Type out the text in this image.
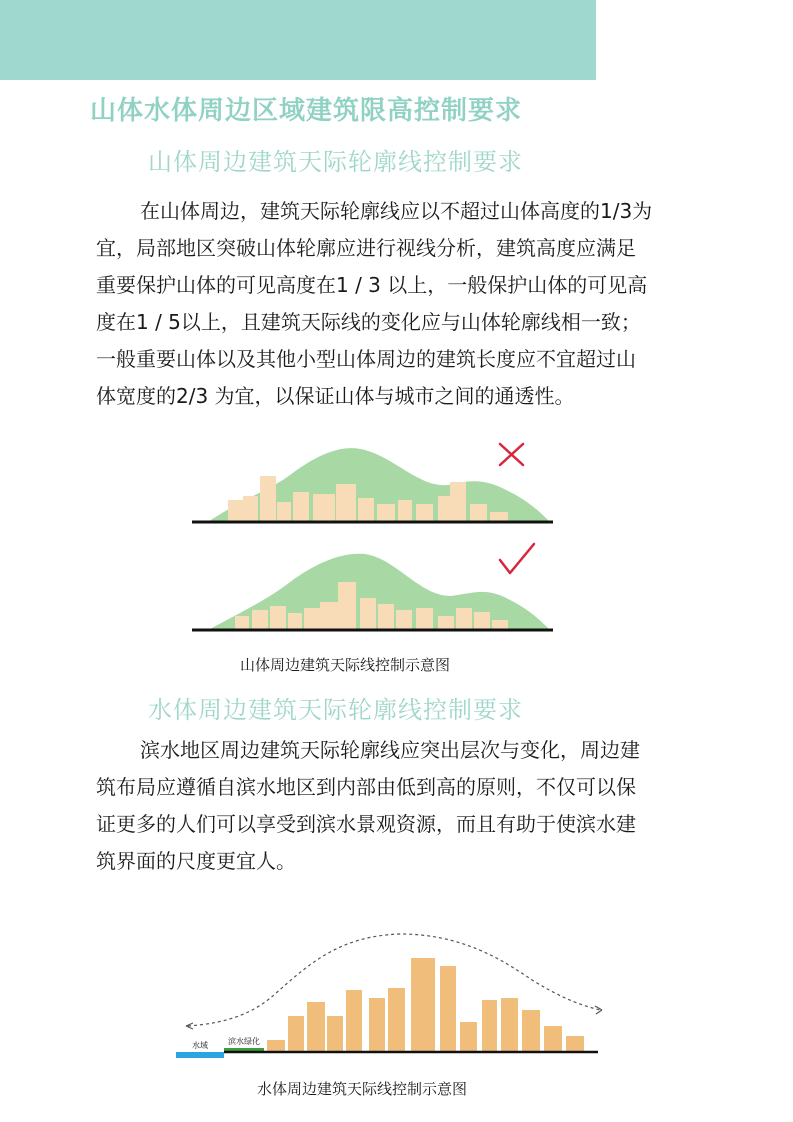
山体水体周边区域建筑限高控制要求
山体周边建筑天际轮廓线控制要求

在山体周边，建筑天际轮廓线应以不超过山体高度的1/3为

宜，局部地区突破山体轮廓应进行视线分析，建筑高度应满足

重要保护山体的可见高度在1 / 3 以上，一般保护山体的可见高

度在1 / 5以上，且建筑天际线的变化应与山体轮廓线相一致；

一般重要山体以及其他小型山体周边的建筑长度应不宜超过山

体宽度的2/3 为宜，以保证山体与城市之间的通透性。

山体周边建筑天际线控制示意图
水体周边建筑天际轮廓线控制要求

滨水地区周边建筑天际轮廓线应突出层次与变化，周边建

筑布局应遵循自滨水地区到内部由低到高的原则，不仅可以保

证更多的人们可以享受到滨水景观资源，而且有助于使滨水建

筑界面的尺度更宜人。

水域	滨水绿化
水体周边建筑天际线控制示意图
